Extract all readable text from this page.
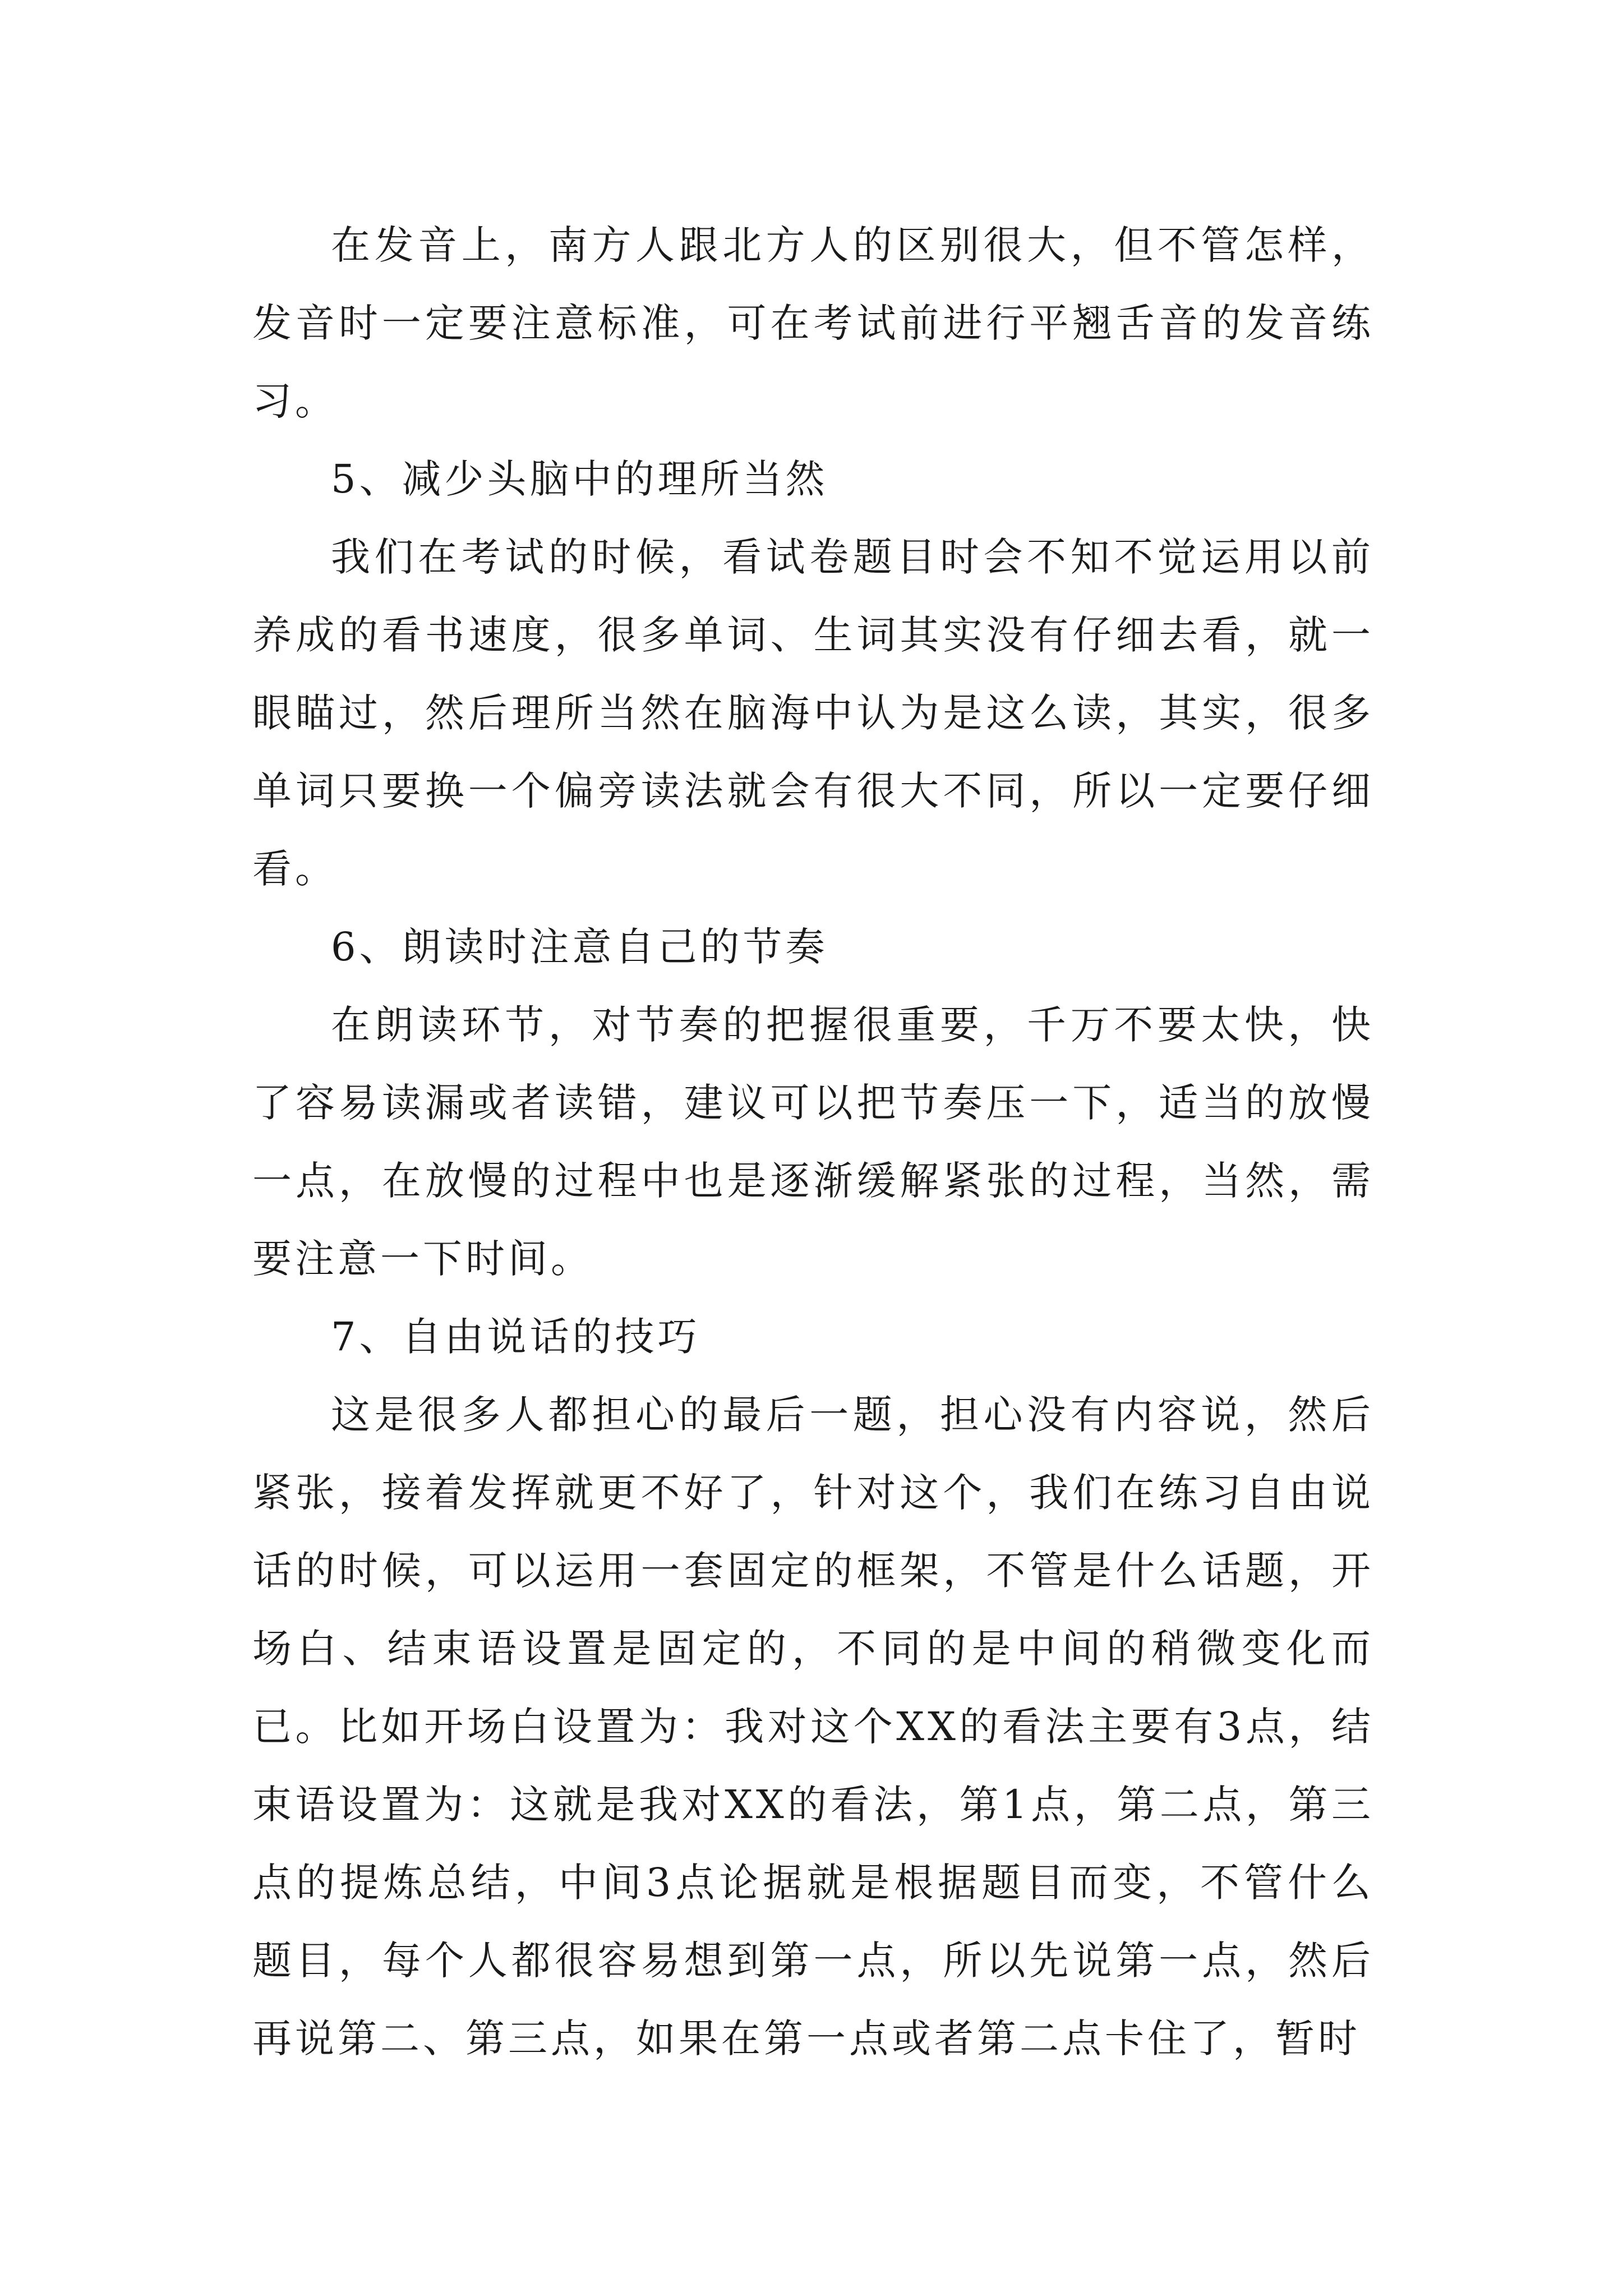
在发音上，南方人跟北方人的区别很大，但不管怎样，发音时一定要注意标准，可在考试前进行平翘舌音的发音练习。

5、减少头脑中的理所当然

我们在考试的时候，看试卷题目时会不知不觉运用以前养成的看书速度，很多单词、生词其实没有仔细去看，就一眼瞄过，然后理所当然在脑海中认为是这么读，其实，很多单词只要换一个偏旁读法就会有很大不同，所以一定要仔细看。

6、朗读时注意自己的节奏

在朗读环节，对节奏的把握很重要，千万不要太快，快了容易读漏或者读错，建议可以把节奏压一下，适当的放慢一点，在放慢的过程中也是逐渐缓解紧张的过程，当然，需要注意一下时间。

7、自由说话的技巧

这是很多人都担心的最后一题，担心没有内容说，然后紧张，接着发挥就更不好了，针对这个，我们在练习自由说话的时候，可以运用一套固定的框架，不管是什么话题，开场白、结束语设置是固定的，不同的是中间的稍微变化而已。比如开场白设置为：我对这个XX的看法主要有3点，结束语设置为：这就是我对XX的看法，第1点，第二点，第三点的提炼总结，中间3点论据就是根据题目而变，不管什么题目，每个人都很容易想到第一点，所以先说第一点，然后再说第二、第三点，如果在第一点或者第二点卡住了，暂时
